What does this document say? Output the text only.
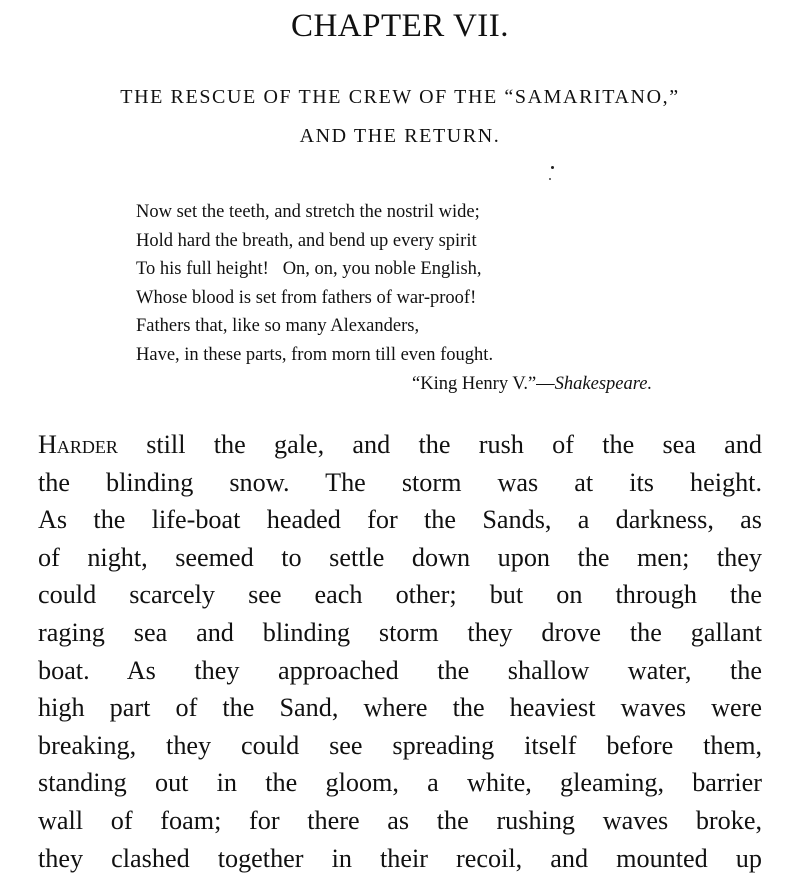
CHAPTER VII.
THE RESCUE OF THE CREW OF THE “SAMARITANO,”
AND THE RETURN.
Now set the teeth, and stretch the nostril wide;
Hold hard the breath, and bend up every spirit
To his full height!   On, on, you noble English,
Whose blood is set from fathers of war-proof!
Fathers that, like so many Alexanders,
Have, in these parts, from morn till even fought.
“King Henry V.”—Shakespeare.
Harder still the gale, and the rush of the sea and
the blinding snow. The storm was at its height.
As the life-boat headed for the Sands, a darkness, as
of night, seemed to settle down upon the men; they
could scarcely see each other; but on through the
raging sea and blinding storm they drove the gallant
boat. As they approached the shallow water, the
high part of the Sand, where the heaviest waves were
breaking, they could see spreading itself before them,
standing out in the gloom, a white, gleaming, barrier
wall of foam; for there as the rushing waves broke,
they clashed together in their recoil, and mounted up
